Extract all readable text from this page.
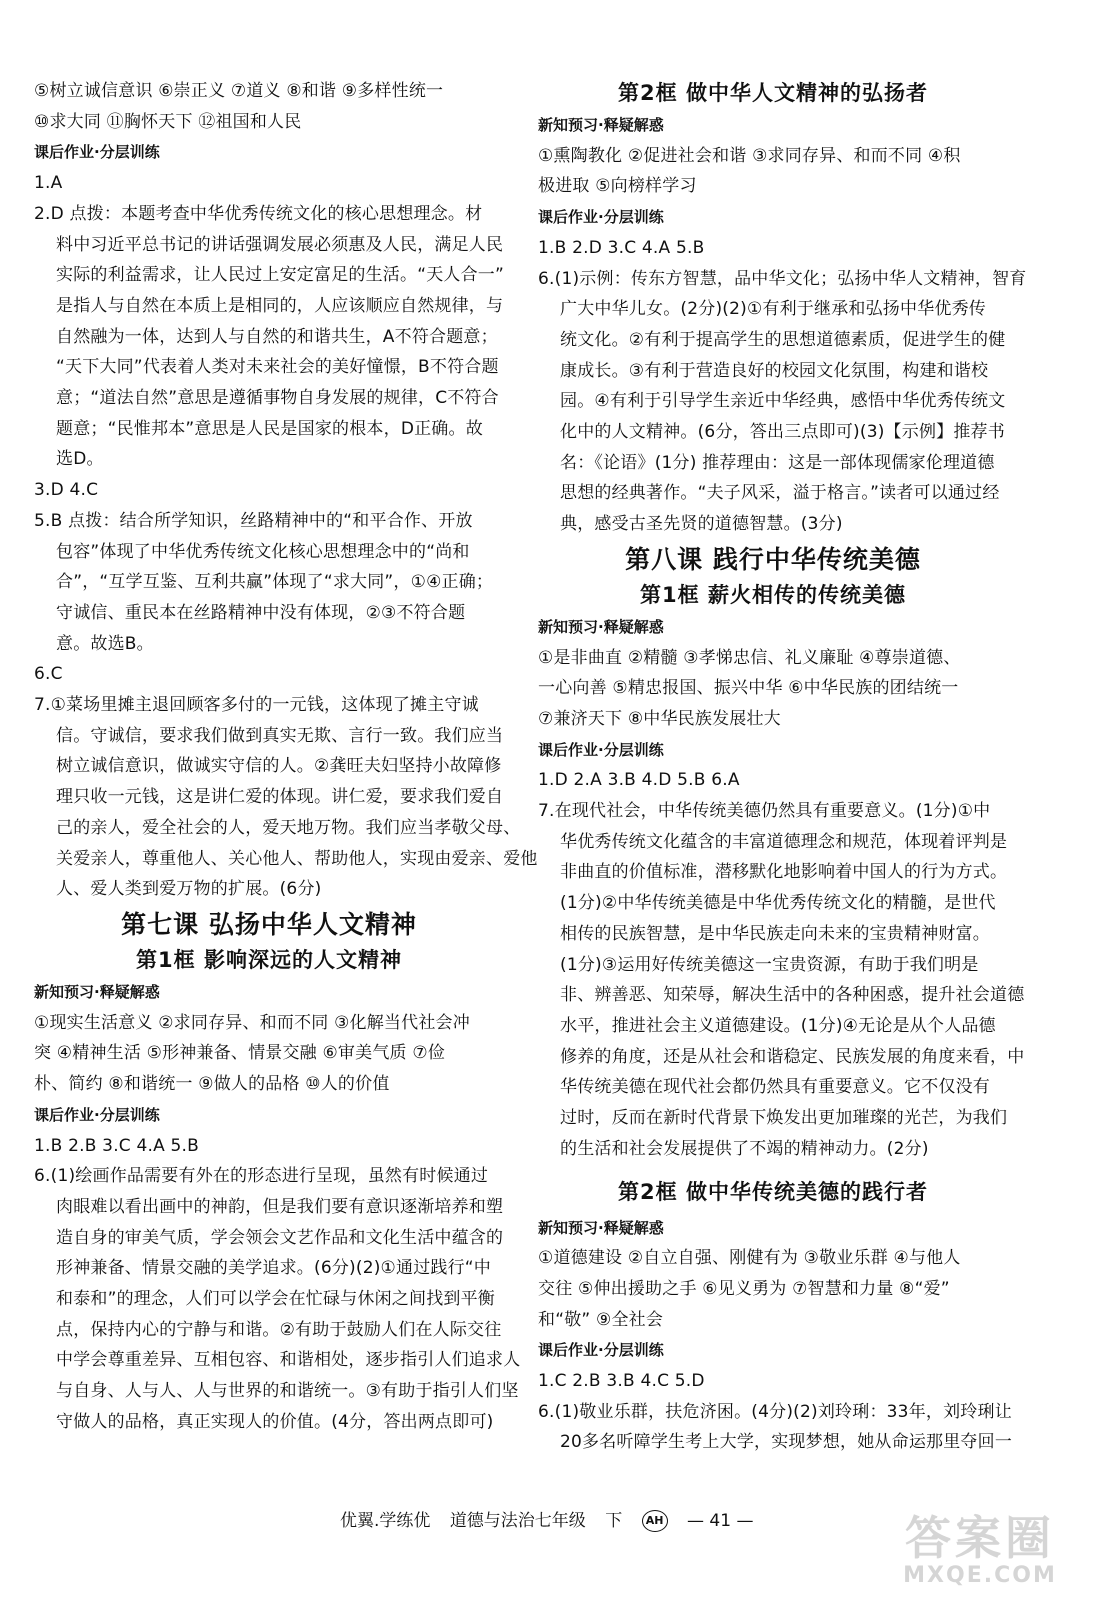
⑤树立诚信意识 ⑥崇正义 ⑦道义 ⑧和谐 ⑨多样性统一
⑩求大同 ⑪胸怀天下 ⑫祖国和人民
课后作业·分层训练
1.A
2.D 点拨：本题考查中华优秀传统文化的核心思想理念。材
料中习近平总书记的讲话强调发展必须惠及人民，满足人民
实际的利益需求，让人民过上安定富足的生活。“天人合一”
是指人与自然在本质上是相同的，人应该顺应自然规律，与
自然融为一体，达到人与自然的和谐共生，A不符合题意；
“天下大同”代表着人类对未来社会的美好憧憬，B不符合题
意；“道法自然”意思是遵循事物自身发展的规律，C不符合
题意；“民惟邦本”意思是人民是国家的根本，D正确。故
选D。
3.D 4.C
5.B 点拨：结合所学知识，丝路精神中的“和平合作、开放
包容”体现了中华优秀传统文化核心思想理念中的“尚和
合”，“互学互鉴、互利共赢”体现了“求大同”，①④正确；
守诚信、重民本在丝路精神中没有体现，②③不符合题
意。故选B。
6.C
7.①菜场里摊主退回顾客多付的一元钱，这体现了摊主守诚
信。守诚信，要求我们做到真实无欺、言行一致。我们应当
树立诚信意识，做诚实守信的人。②龚旺夫妇坚持小故障修
理只收一元钱，这是讲仁爱的体现。讲仁爱，要求我们爱自
己的亲人，爱全社会的人，爱天地万物。我们应当孝敬父母、
关爱亲人，尊重他人、关心他人、帮助他人，实现由爱亲、爱他
人、爱人类到爱万物的扩展。(6分)
第七课 弘扬中华人文精神
第1框 影响深远的人文精神
新知预习·释疑解惑
①现实生活意义 ②求同存异、和而不同 ③化解当代社会冲
突 ④精神生活 ⑤形神兼备、情景交融 ⑥审美气质 ⑦俭
朴、简约 ⑧和谐统一 ⑨做人的品格 ⑩人的价值
课后作业·分层训练
1.B 2.B 3.C 4.A 5.B
6.(1)绘画作品需要有外在的形态进行呈现，虽然有时候通过
肉眼难以看出画中的神韵，但是我们要有意识逐渐培养和塑
造自身的审美气质，学会领会文艺作品和文化生活中蕴含的
形神兼备、情景交融的美学追求。(6分)(2)①通过践行“中
和泰和”的理念，人们可以学会在忙碌与休闲之间找到平衡
点，保持内心的宁静与和谐。②有助于鼓励人们在人际交往
中学会尊重差异、互相包容、和谐相处，逐步指引人们追求人
与自身、人与人、人与世界的和谐统一。③有助于指引人们坚
守做人的品格，真正实现人的价值。(4分，答出两点即可)
第2框 做中华人文精神的弘扬者
新知预习·释疑解惑
①熏陶教化 ②促进社会和谐 ③求同存异、和而不同 ④积
极进取 ⑤向榜样学习
课后作业·分层训练
1.B 2.D 3.C 4.A 5.B
6.(1)示例：传东方智慧，品中华文化；弘扬中华人文精神，智育
广大中华儿女。(2分)(2)①有利于继承和弘扬中华优秀传
统文化。②有利于提高学生的思想道德素质，促进学生的健
康成长。③有利于营造良好的校园文化氛围，构建和谐校
园。④有利于引导学生亲近中华经典，感悟中华优秀传统文
化中的人文精神。(6分，答出三点即可)(3)【示例】推荐书
名：《论语》(1分) 推荐理由：这是一部体现儒家伦理道德
思想的经典著作。“夫子风采，溢于格言。”读者可以通过经
典，感受古圣先贤的道德智慧。(3分)
第八课 践行中华传统美德
第1框 薪火相传的传统美德
新知预习·释疑解惑
①是非曲直 ②精髓 ③孝悌忠信、礼义廉耻 ④尊崇道德、
一心向善 ⑤精忠报国、振兴中华 ⑥中华民族的团结统一
⑦兼济天下 ⑧中华民族发展壮大
课后作业·分层训练
1.D 2.A 3.B 4.D 5.B 6.A
7.在现代社会，中华传统美德仍然具有重要意义。(1分)①中
华优秀传统文化蕴含的丰富道德理念和规范，体现着评判是
非曲直的价值标准，潜移默化地影响着中国人的行为方式。
(1分)②中华传统美德是中华优秀传统文化的精髓，是世代
相传的民族智慧，是中华民族走向未来的宝贵精神财富。
(1分)③运用好传统美德这一宝贵资源，有助于我们明是
非、辨善恶、知荣辱，解决生活中的各种困惑，提升社会道德
水平，推进社会主义道德建设。(1分)④无论是从个人品德
修养的角度，还是从社会和谐稳定、民族发展的角度来看，中
华传统美德在现代社会都仍然具有重要意义。它不仅没有
过时，反而在新时代背景下焕发出更加璀璨的光芒，为我们
的生活和社会发展提供了不竭的精神动力。(2分)
第2框 做中华传统美德的践行者
新知预习·释疑解惑
①道德建设 ②自立自强、刚健有为 ③敬业乐群 ④与他人
交往 ⑤伸出援助之手 ⑥见义勇为 ⑦智慧和力量 ⑧“爱”
和“敬” ⑨全社会
课后作业·分层训练
1.C 2.B 3.B 4.C 5.D
6.(1)敬业乐群，扶危济困。(4分)(2)刘玲琍：33年，刘玲琍让
20多名听障学生考上大学，实现梦想，她从命运那里夺回一
优翼.学练优 道德与法治七年级 下 AH — 41 —	答案圈
MXQE.COM
